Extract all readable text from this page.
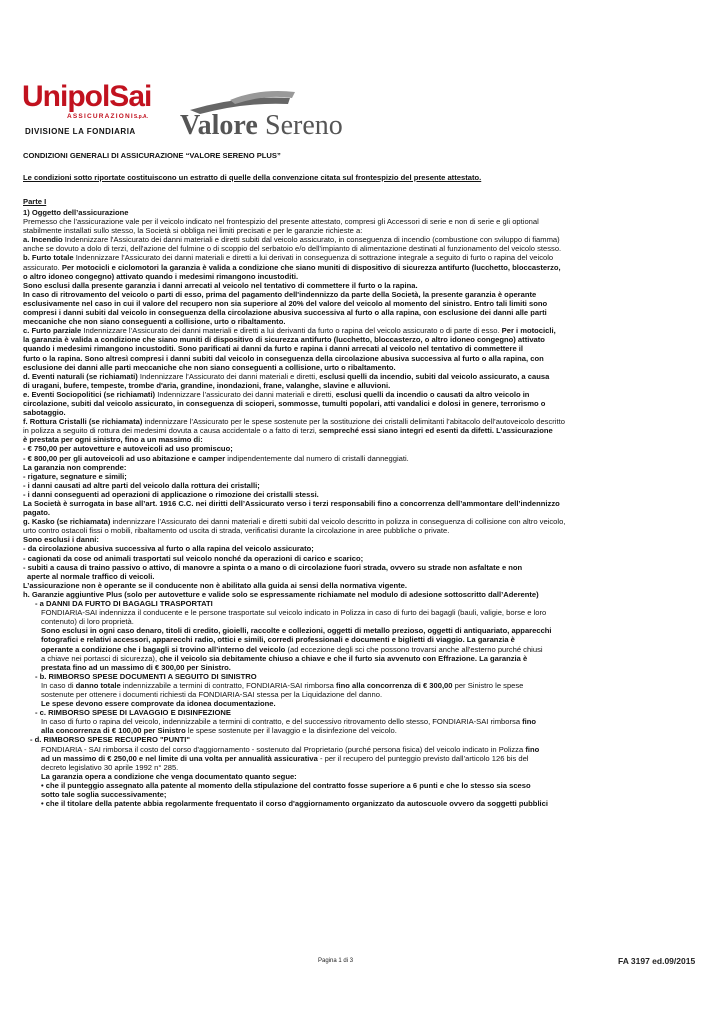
UnipolSai
ASSICURAZIONIS.p.A.
DIVISIONE LA FONDIARIA Valore Sereno
CONDIZIONI GENERALI DI ASSICURAZIONE “VALORE SERENO PLUS”
Le condizioni sotto riportate costituiscono un estratto di quelle della convenzione citata sul frontespizio del presente attestato.
Parte I
1) Oggetto dell’assicurazione
Premesso che l’assicurazione vale per il veicolo indicato nel frontespizio del presente attestato, compresi gli Accessori di serie e non di serie e gli optional
stabilmente installati sullo stesso, la Società si obbliga nei limiti precisati e per le garanzie richieste a:
a. Incendio Indennizzare l'Assicurato dei danni materiali e diretti subiti dal veicolo assicurato, in conseguenza di incendio (combustione con sviluppo di fiamma)
anche se dovuto a dolo di terzi, dell'azione del fulmine o di scoppio del serbatoio e/o dell'impianto di alimentazione destinati al funzionamento del veicolo stesso.
b. Furto totale Indennizzare l’Assicurato dei danni materiali e diretti a lui derivati in conseguenza di sottrazione integrale a seguito di furto o rapina del veicolo
assicurato. Per motocicli e ciclomotori la garanzia è valida a condizione che siano muniti di dispositivo di sicurezza antifurto (lucchetto, bloccasterzo,
o altro idoneo congegno) attivato quando i medesimi rimangono incustoditi.
Sono esclusi dalla presente garanzia i danni arrecati al veicolo nel tentativo di commettere il furto o la rapina.
In caso di ritrovamento del veicolo o parti di esso, prima del pagamento dell'indennizzo da parte della Società, la presente garanzia è operante
esclusivamente nel caso in cui il valore del recupero non sia superiore al 20% del valore del veicolo al momento del sinistro. Entro tali limiti sono
compresi i danni subiti dal veicolo in conseguenza della circolazione abusiva successiva al furto o alla rapina, con esclusione dei danni alle parti
meccaniche che non siano conseguenti a collisione, urto o ribaltamento.
c. Furto parziale Indennizzare l’Assicurato dei danni materiali e diretti a lui derivanti da furto o rapina del veicolo assicurato o di parte di esso. Per i motocicli,
la garanzia è valida a condizione che siano muniti di dispositivo di sicurezza antifurto (lucchetto, bloccasterzo, o altro idoneo congegno) attivato
quando i medesimi rimangono incustoditi. Sono parificati ai danni da furto e rapina i danni arrecati al veicolo nel tentativo di commettere il
furto o la rapina. Sono altresì compresi i danni subiti dal veicolo in conseguenza della circolazione abusiva successiva al furto o alla rapina, con
esclusione dei danni alle parti meccaniche che non siano conseguenti a collisione, urto o ribaltamento.
d. Eventi naturali (se richiamati) Indennizzare l’Assicurato dei danni materiali e diretti, esclusi quelli da incendio, subiti dal veicolo assicurato, a causa
di uragani, bufere, tempeste, trombe d'aria, grandine, inondazioni, frane, valanghe, slavine e alluvioni.
e. Eventi Sociopolitici (se richiamati) Indennizzare l’assicurato dei danni materiali e diretti, esclusi quelli da incendio o causati da altro veicolo in
circolazione, subiti dal veicolo assicurato, in conseguenza di scioperi, sommosse, tumulti popolari, atti vandalici e dolosi in genere, terrorismo o
sabotaggio.
f. Rottura Cristalli (se richiamata) indennizzare l’Assicurato per le spese sostenute per la sostituzione dei cristalli delimitanti l’abitacolo dell’autoveicolo descritto
in polizza a seguito di rottura dei medesimi dovuta a causa accidentale o a fatto di terzi, sempreché essi siano integri ed esenti da difetti. L’assicurazione
è prestata per ogni sinistro, fino a un massimo di:
- € 750,00 per autovetture e autoveicoli ad uso promiscuo;
- € 800,00 per gli autoveicoli ad uso abitazione e camper indipendentemente dal numero di cristalli danneggiati.
La garanzia non comprende:
- rigature, segnature e simili;
- i danni causati ad altre parti del veicolo dalla rottura dei cristalli;
- i danni conseguenti ad operazioni di applicazione o rimozione dei cristalli stessi.
La Società è surrogata in base all’art. 1916 C.C. nei diritti dell’Assicurato verso i terzi responsabili fino a concorrenza dell’ammontare dell’indennizzo
pagato.
g. Kasko (se richiamata) indennizzare l’Assicurato dei danni materiali e diretti subiti dal veicolo descritto in polizza in conseguenza di collisione con altro veicolo,
urto contro ostacoli fissi o mobili, ribaltamento od uscita di strada, verificatisi durante la circolazione in aree pubbliche o private.
Sono esclusi i danni:
- da circolazione abusiva successiva al furto o alla rapina del veicolo assicurato;
- cagionati da cose od animali trasportati sul veicolo nonché da operazioni di carico e scarico;
- subiti a causa di traino passivo o attivo, di manovre a spinta o a mano o di circolazione fuori strada, ovvero su strade non asfaltate e non
aperte al normale traffico di veicoli.
L’assicurazione non è operante se il conducente non è abilitato alla guida ai sensi della normativa vigente.
h. Garanzie aggiuntive Plus (solo per autovetture e valide solo se espressamente richiamate nel modulo di adesione sottoscritto dall’Aderente)
- a DANNI DA FURTO DI BAGAGLI TRASPORTATI
FONDIARIA-SAI indennizza il conducente e le persone trasportate sul veicolo indicato in Polizza in caso di furto dei bagagli (bauli, valigie, borse e loro
contenuto) di loro proprietà.
Sono esclusi in ogni caso denaro, titoli di credito, gioielli, raccolte e collezioni, oggetti di metallo prezioso, oggetti di antiquariato, apparecchi
fotografici e relativi accessori, apparecchi radio, ottici e simili, corredi professionali e documenti e biglietti di viaggio. La garanzia è
operante a condizione che i bagagli si trovino all’interno del veicolo (ad eccezione degli sci che possono trovarsi anche all'esterno purché chiusi
a chiave nei portasci di sicurezza), che il veicolo sia debitamente chiuso a chiave e che il furto sia avvenuto con Effrazione. La garanzia è
prestata fino ad un massimo di € 300,00 per Sinistro.
- b. RIMBORSO SPESE DOCUMENTI A SEGUITO DI SINISTRO
In caso di danno totale indennizzabile a termini di contratto, FONDIARIA-SAI rimborsa fino alla concorrenza di € 300,00 per Sinistro le spese
sostenute per ottenere i documenti richiesti da FONDIARIA-SAI stessa per la Liquidazione del danno.
Le spese devono essere comprovate da idonea documentazione.
- c. RIMBORSO SPESE DI LAVAGGIO E DISINFEZIONE
In caso di furto o rapina del veicolo, indennizzabile a termini di contratto, e del successivo ritrovamento dello stesso, FONDIARIA-SAI rimborsa fino
alla concorrenza di € 100,00 per Sinistro le spese sostenute per il lavaggio e la disinfezione del veicolo.
- d. RIMBORSO SPESE RECUPERO "PUNTI"
FONDIARIA - SAI rimborsa il costo del corso d'aggiornamento - sostenuto dal Proprietario (purché persona fisica) del veicolo indicato in Polizza fino
ad un massimo di € 250,00 e nel limite di una volta per annualità assicurativa - per il recupero del punteggio previsto dall’articolo 126 bis del
decreto legislativo 30 aprile 1992 n° 285.
La garanzia opera a condizione che venga documentato quanto segue:
• che il punteggio assegnato alla patente al momento della stipulazione del contratto fosse superiore a 6 punti e che lo stesso sia sceso
sotto tale soglia successivamente;
• che il titolare della patente abbia regolarmente frequentato il corso d'aggiornamento organizzato da autoscuole ovvero da soggetti pubblici
Pagina 1 di 3	FA 3197 ed.09/2015
